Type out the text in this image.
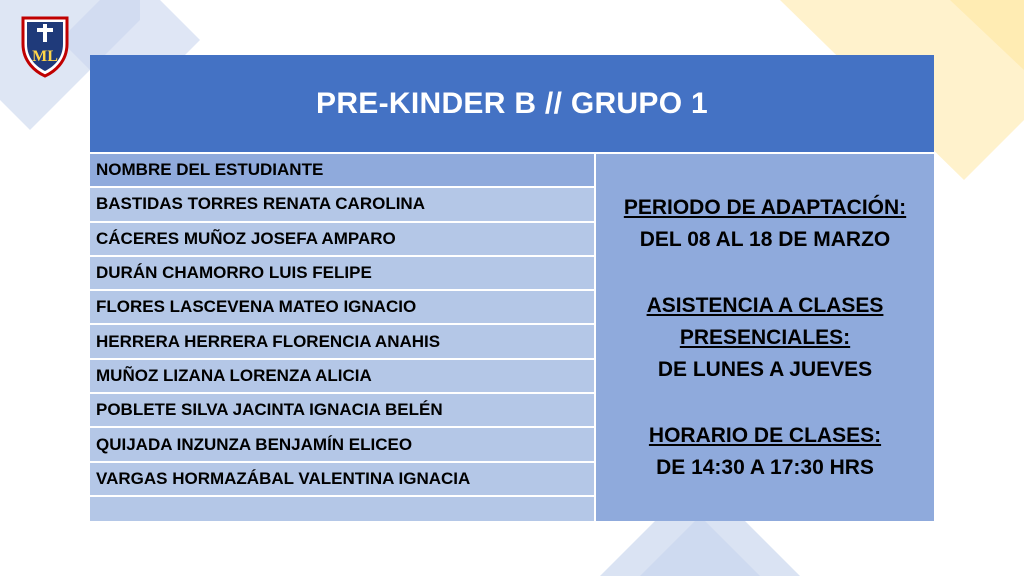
ML
PRE-KINDER B // GRUPO 1
NOMBRE DEL ESTUDIANTE
BASTIDAS TORRES RENATA CAROLINA
CÁCERES MUÑOZ JOSEFA AMPARO
DURÁN CHAMORRO LUIS FELIPE
FLORES LASCEVENA MATEO IGNACIO
HERRERA HERRERA FLORENCIA ANAHIS
MUÑOZ LIZANA LORENZA ALICIA
POBLETE SILVA JACINTA IGNACIA BELÉN
QUIJADA INZUNZA BENJAMÍN ELICEO
VARGAS HORMAZÁBAL VALENTINA IGNACIA
PERIODO DE ADAPTACIÓN:
DEL 08 AL 18 DE MARZO
ASISTENCIA A CLASES
PRESENCIALES:
DE LUNES A JUEVES
HORARIO DE CLASES:
DE 14:30 A 17:30 HRS
